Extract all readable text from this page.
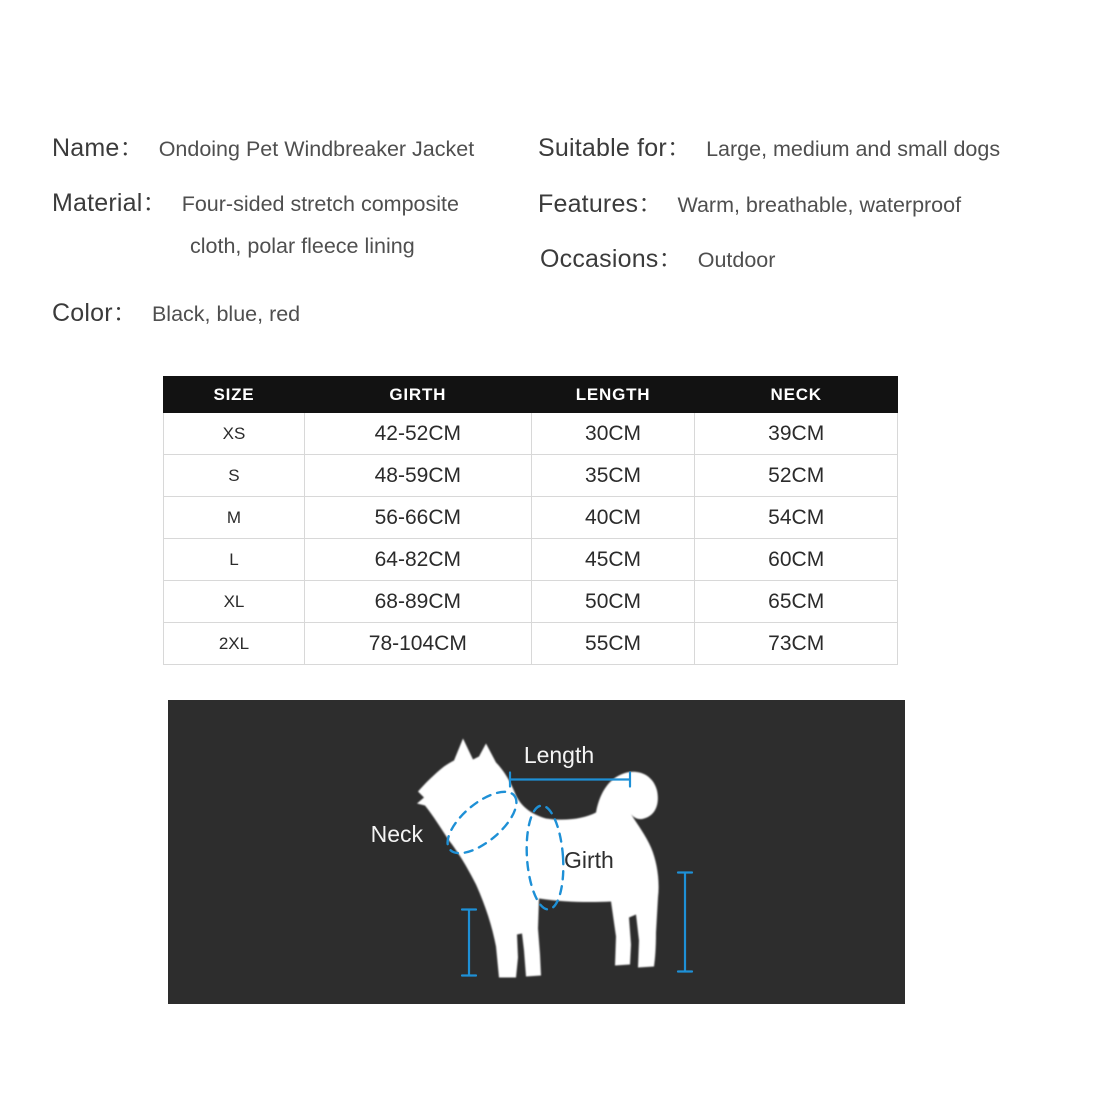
Name： Ondoing Pet Windbreaker Jacket	Suitable for： Large, medium and small dogs
Material： Four-sided stretch composite	Features： Warm, breathable, waterproof
cloth, polar fleece lining	Occasions： Outdoor
Color： Black, blue, red
SIZE	GIRTH	LENGTH	NECK
XS	42-52CM	30CM	39CM
S	48-59CM	35CM	52CM
M	56-66CM	40CM	54CM
L	64-82CM	45CM	60CM
XL	68-89CM	50CM	65CM
2XL	78-104CM	55CM	73CM
Length
Neck
Girth
